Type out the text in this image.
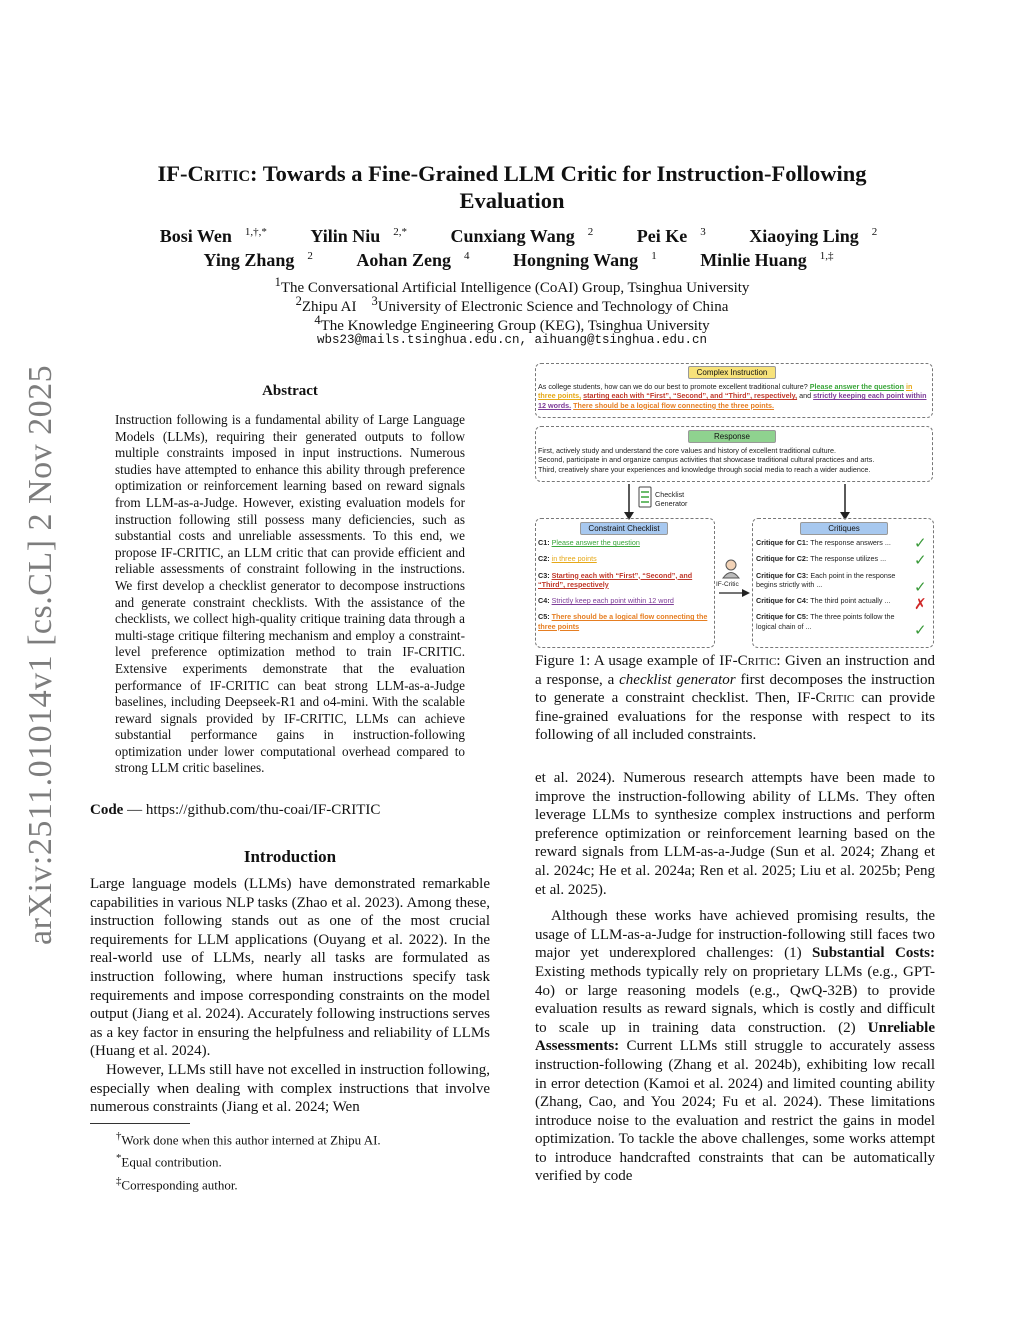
arXiv:2511.01014v1 [cs.CL] 2 Nov 2025
IF-Critic: Towards a Fine-Grained LLM Critic for Instruction-Following
Evaluation
Bosi Wen $^{1,\dagger,*}$ Yilin Niu $^{2,*}$ Cunxiang Wang $^2$ Pei Ke $^3$ Xiaoying Ling $^2$
Ying Zhang $^2$ Aohan Zeng $^4$ Hongning Wang $^1$ Minlie Huang $^{1,\ddagger}$
$^1$The Conversational Artificial Intelligence (CoAI) Group, Tsinghua University
$^2$Zhipu AI $^3$University of Electronic Science and Technology of China
$^4$The Knowledge Engineering Group (KEG), Tsinghua University
wbs23@mails.tsinghua.edu.cn, aihuang@tsinghua.edu.cn
Abstract

Instruction following is a fundamental ability of Large Language Models (LLMs), requiring their generated outputs to follow multiple constraints imposed in input instructions. Numerous studies have attempted to enhance this ability through preference optimization or reinforcement learning based on reward signals from LLM-as-a-Judge. However, existing evaluation models for instruction following still possess many deficiencies, such as substantial costs and unreliable assessments. To this end, we propose IF-CRITIC, an LLM critic that can provide efficient and reliable assessments of constraint following in the instructions. We first develop a checklist generator to decompose instructions and generate constraint checklists. With the assistance of the checklists, we collect high-quality critique training data through a multi-stage critique filtering mechanism and employ a constraint-level preference optimization method to train IF-CRITIC. Extensive experiments demonstrate that the evaluation performance of IF-CRITIC can beat strong LLM-as-a-Judge baselines, including Deepseek-R1 and o4-mini. With the scalable reward signals provided by IF-CRITIC, LLMs can achieve substantial performance gains in instruction-following optimization under lower computational overhead compared to strong LLM critic baselines.

Code — https://github.com/thu-coai/IF-CRITIC
Introduction

Large language models (LLMs) have demonstrated remarkable capabilities in various NLP tasks (Zhao et al. 2023). Among these, instruction following stands out as one of the most crucial requirements for LLM applications (Ouyang et al. 2022). In the real-world use of LLMs, nearly all tasks are formulated as instruction following, where human instructions specify task requirements and impose corresponding constraints on the model output (Jiang et al. 2024). Accurately following instructions serves as a key factor in ensuring the helpfulness and reliability of LLMs (Huang et al. 2024).

However, LLMs still have not excelled in instruction following, especially when dealing with complex instructions that involve numerous constraints (Jiang et al. 2024; Wen

†Work done when this author interned at Zhipu AI.
*Equal contribution.
‡Corresponding author.
Complex Instruction
As college students, how can we do our best to promote excellent traditional culture? Please answer the question in three points, starting each with “First”, “Second”, and “Third”, respectively, and strictly keeping each point within 12 words. There should be a logical flow connecting the three points.
Response
First, actively study and understand the core values and history of excellent traditional culture.
Second, participate in and organize campus activities that showcase traditional cultural practices and arts.
Third, creatively share your experiences and knowledge through social media to reach a wider audience.
Checklist
Generator
Constraint Checklist
C1: Please answer the question
C2: in three points
C3: Starting each with “First”, “Second”, and “Third”, respectively
C4: Strictly keep each point within 12 word
C5: There should be a logical flow connecting the three points
IF-Critic
Critiques
Critique for C1: The response answers ...
Critique for C2: The response utilizes ...
Critique for C3: Each point in the response begins strictly with ...
Critique for C4: The third point actually ...
Critique for C5: The three points follow the logical chain of ...
✓
✓
✓
✗
✓
Figure 1: A usage example of IF-Critic: Given an instruction and a response, a checklist generator first decomposes the instruction to generate a constraint checklist. Then, IF-Critic can provide fine-grained evaluations for the response with respect to its following of all included constraints.

et al. 2024). Numerous research attempts have been made to improve the instruction-following ability of LLMs. They often leverage LLMs to synthesize complex instructions and perform preference optimization or reinforcement learning based on the reward signals from LLM-as-a-Judge (Sun et al. 2024; Zhang et al. 2024c; He et al. 2024a; Ren et al. 2025; Liu et al. 2025b; Peng et al. 2025).

Although these works have achieved promising results, the usage of LLM-as-a-Judge for instruction-following still faces two major yet underexplored challenges: (1) Substantial Costs: Existing methods typically rely on proprietary LLMs (e.g., GPT-4o) or large reasoning models (e.g., QwQ-32B) to provide evaluation results as reward signals, which is costly and difficult to scale up in training data construction. (2) Unreliable Assessments: Current LLMs still struggle to accurately assess instruction-following (Zhang et al. 2024b), exhibiting low recall in error detection (Kamoi et al. 2024) and limited counting ability (Zhang, Cao, and You 2024; Fu et al. 2024). These limitations introduce noise to the evaluation and restrict the gains in model optimization. To tackle the above challenges, some works attempt to introduce handcrafted constraints that can be automatically verified by code
